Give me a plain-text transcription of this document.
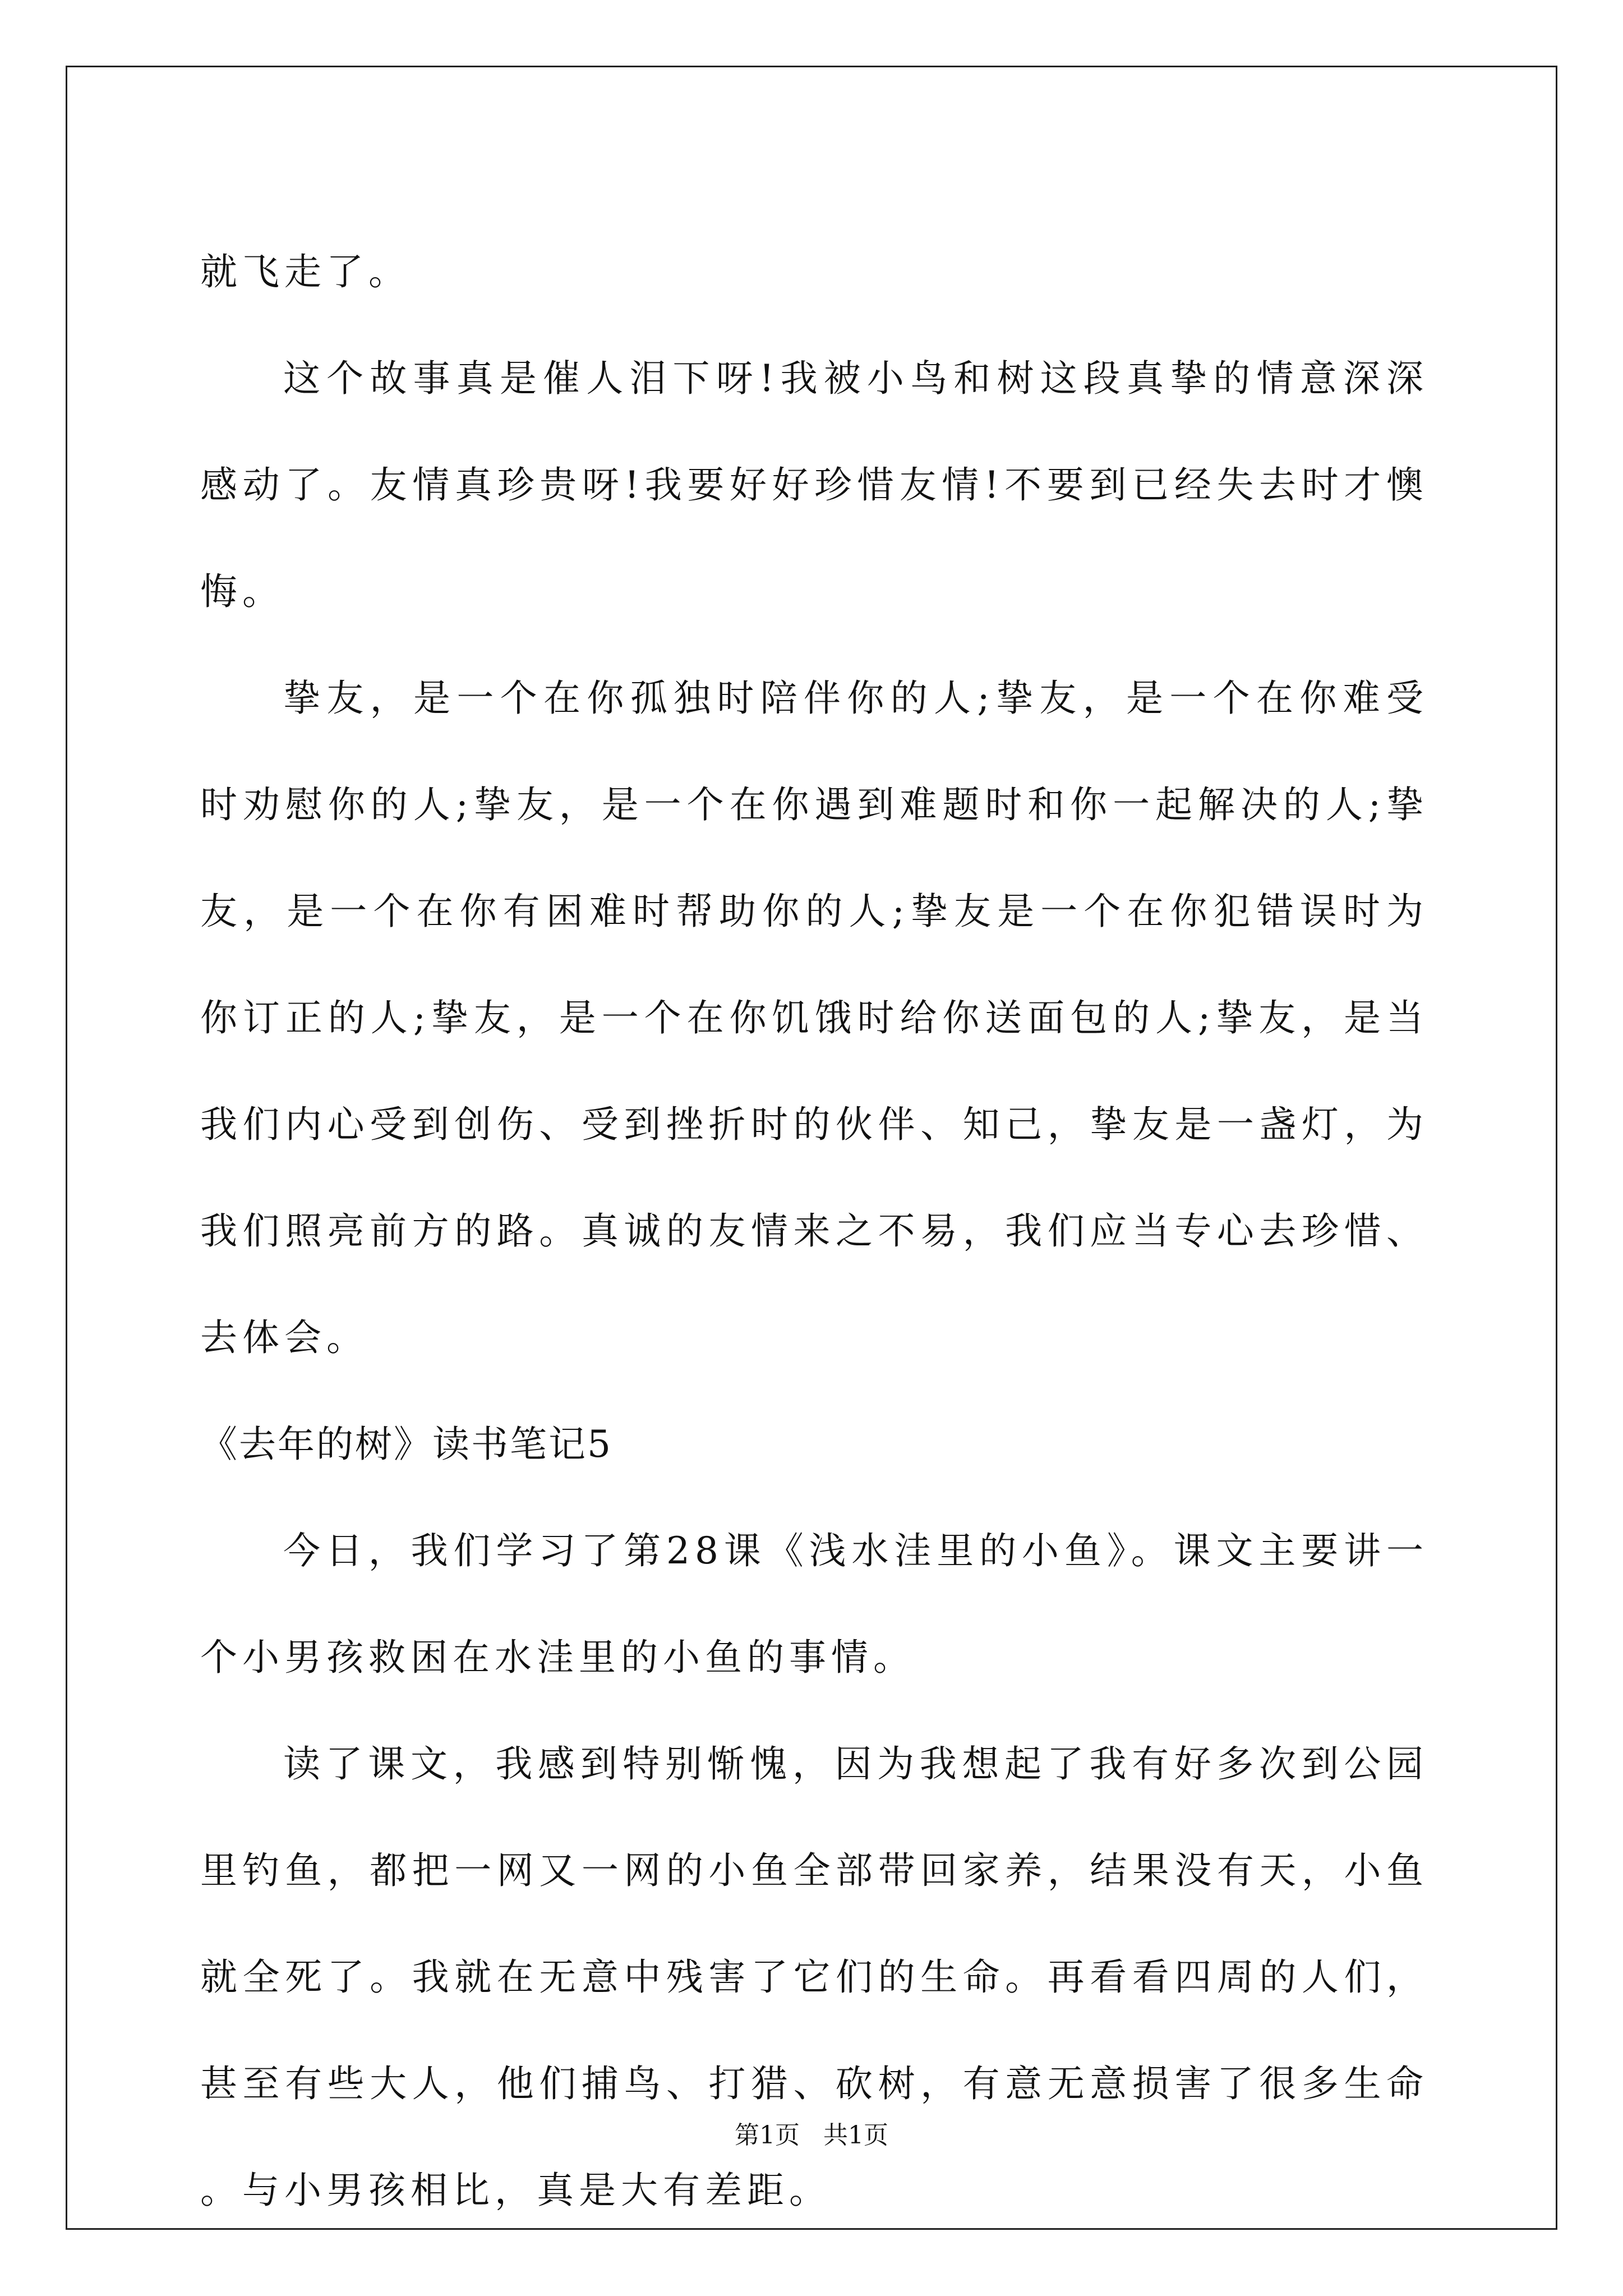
就飞走了。

这个故事真是催人泪下呀!我被小鸟和树这段真挚的情意深深感动了。友情真珍贵呀!我要好好珍惜友情!不要到已经失去时才懊悔。

挚友，是一个在你孤独时陪伴你的人;挚友，是一个在你难受时劝慰你的人;挚友，是一个在你遇到难题时和你一起解决的人;挚友，是一个在你有困难时帮助你的人;挚友是一个在你犯错误时为你订正的人;挚友，是一个在你饥饿时给你送面包的人;挚友，是当我们内心受到创伤、受到挫折时的伙伴、知己，挚友是一盏灯，为我们照亮前方的路。真诚的友情来之不易，我们应当专心去珍惜、去体会。

《去年的树》读书笔记5

今日，我们学习了第28课《浅水洼里的小鱼》。课文主要讲一个小男孩救困在水洼里的小鱼的事情。

读了课文，我感到特别惭愧，因为我想起了我有好多次到公园里钓鱼，都把一网又一网的小鱼全部带回家养，结果没有天，小鱼就全死了。我就在无意中残害了它们的生命。再看看四周的人们，甚至有些大人，他们捕鸟、打猎、砍树，有意无意损害了很多生命。与小男孩相比，真是大有差距。

第1页   共1页
